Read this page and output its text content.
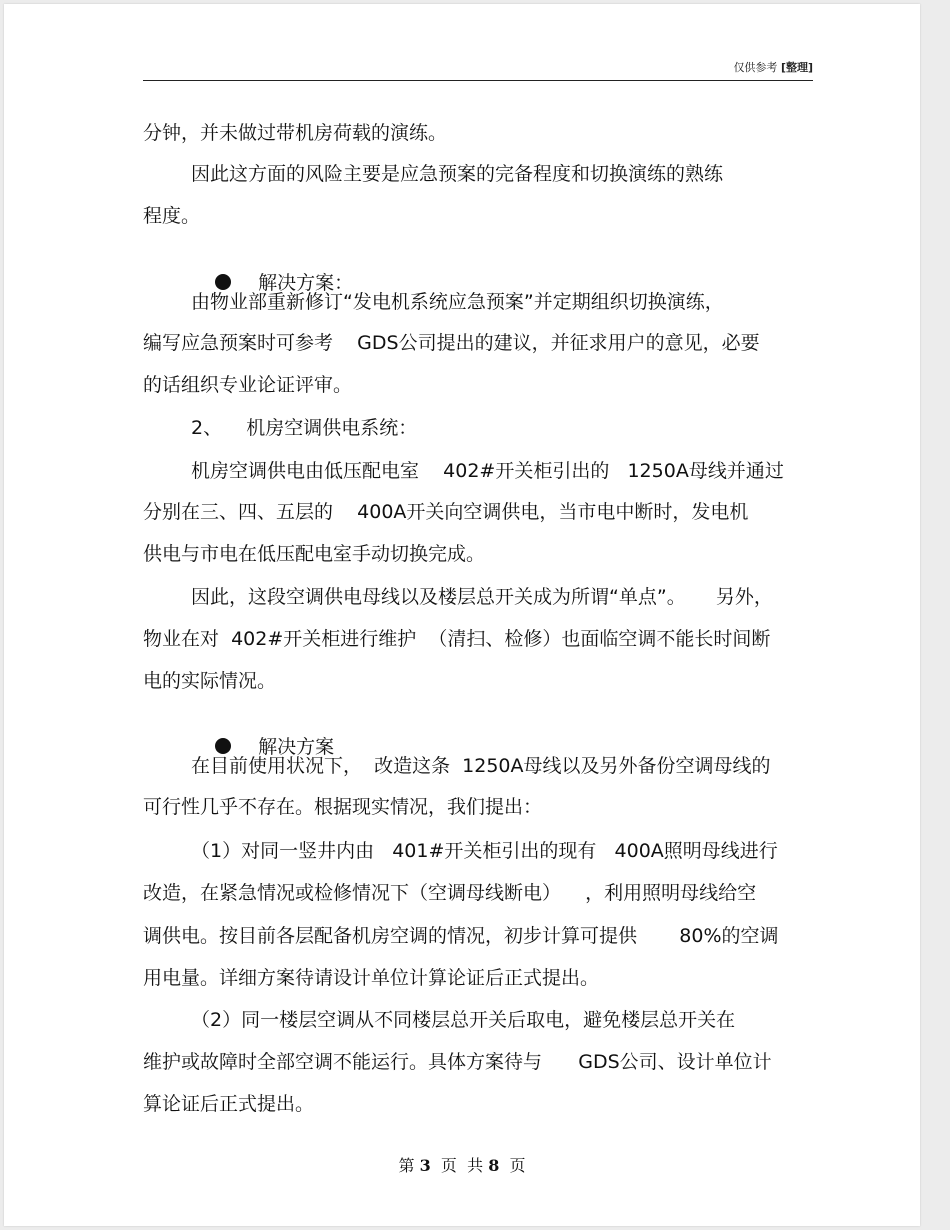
仅供参考 [整理]
分钟，并未做过带机房荷载的演练。
因此这方面的风险主要是应急预案的完备程度和切换演练的熟练
程度。

解决方案：

由物业部重新修订“发电机系统应急预案”并定期组织切换演练，
编写应急预案时可参考    GDS公司提出的建议，并征求用户的意见，必要
的话组织专业论证评审。
2、    机房空调供电系统：
机房空调供电由低压配电室    402#开关柜引出的   1250A母线并通过
分别在三、四、五层的    400A开关向空调供电，当市电中断时，发电机
供电与市电在低压配电室手动切换完成。
因此，这段空调供电母线以及楼层总开关成为所谓“单点”。     另外，
物业在对  402#开关柜进行维护  （清扫、检修）也面临空调不能长时间断
电的实际情况。

解决方案

在目前使用状况下，  改造这条  1250A母线以及另外备份空调母线的
可行性几乎不存在。根据现实情况，我们提出：
（1）对同一竖井内由   401#开关柜引出的现有   400A照明母线进行
改造，在紧急情况或检修情况下（空调母线断电）    ，利用照明母线给空
调供电。按目前各层配备机房空调的情况，初步计算可提供       80%的空调
用电量。详细方案待请设计单位计算论证后正式提出。
（2）同一楼层空调从不同楼层总开关后取电，避免楼层总开关在
维护或故障时全部空调不能运行。具体方案待与      GDS公司、设计单位计
算论证后正式提出。
第 3 页  共 8 页
